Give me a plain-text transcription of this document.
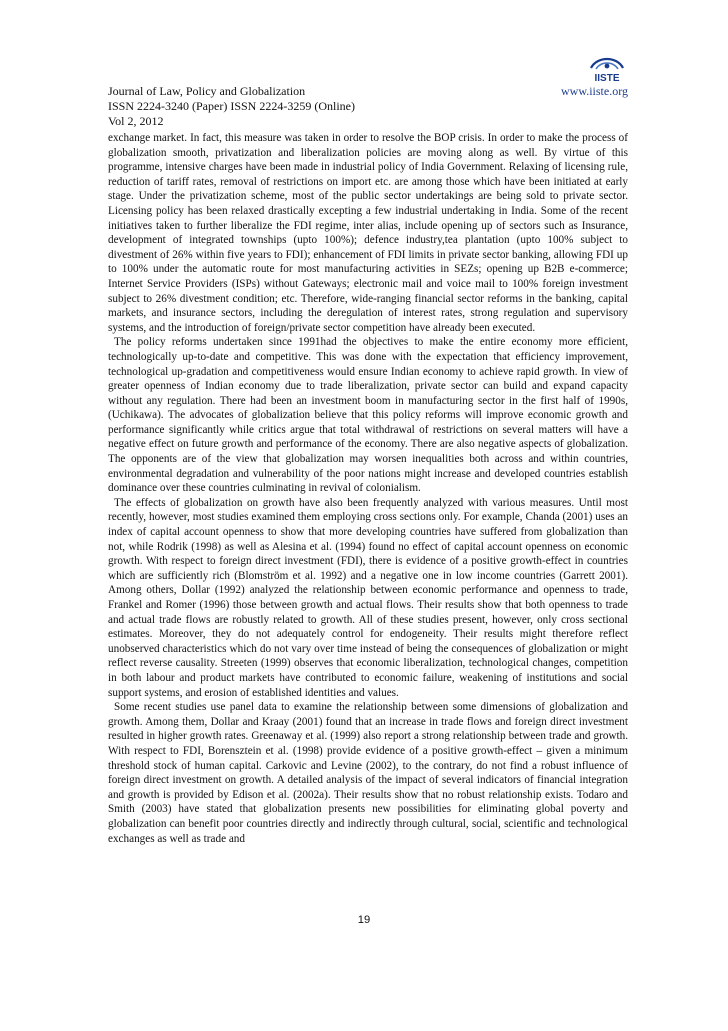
IISTE
Journal of Law, Policy and Globalization	www.iiste.org
ISSN 2224-3240 (Paper) ISSN 2224-3259 (Online)
Vol 2, 2012

exchange market. In fact, this measure was taken in order to resolve the BOP crisis. In order to make the process of globalization smooth, privatization and liberalization policies are moving along as well. By virtue of this programme, intensive charges have been made in industrial policy of India Government. Relaxing of licensing rule, reduction of tariff rates, removal of restrictions on import etc. are among those which have been initiated at early stage. Under the privatization scheme, most of the public sector undertakings are being sold to private sector. Licensing policy has been relaxed drastically excepting a few industrial undertaking in India. Some of the recent initiatives taken to further liberalize the FDI regime, inter alias, include opening up of sectors such as Insurance, development of integrated townships (upto 100%); defence industry,tea plantation (upto 100% subject to divestment of 26% within five years to FDI); enhancement of FDI limits in private sector banking, allowing FDI up to 100% under the automatic route for most manufacturing activities in SEZs; opening up B2B e-commerce; Internet Service Providers (ISPs) without Gateways; electronic mail and voice mail to 100% foreign investment subject to 26% divestment condition; etc. Therefore, wide-ranging financial sector reforms in the banking, capital markets, and insurance sectors, including the deregulation of interest rates, strong regulation and supervisory systems, and the introduction of foreign/private sector competition have already been executed.

The policy reforms undertaken since 1991had the objectives to make the entire economy more efficient, technologically up-to-date and competitive. This was done with the expectation that efficiency improvement, technological up-gradation and competitiveness would ensure Indian economy to achieve rapid growth. In view of greater openness of Indian economy due to trade liberalization, private sector can build and expand capacity without any regulation. There had been an investment boom in manufacturing sector in the first half of 1990s, (Uchikawa). The advocates of globalization believe that this policy reforms will improve economic growth and performance significantly while critics argue that total withdrawal of restrictions on several matters will have a negative effect on future growth and performance of the economy. There are also negative aspects of globalization. The opponents are of the view that globalization may worsen inequalities both across and within countries, environmental degradation and vulnerability of the poor nations might increase and developed countries establish dominance over these countries culminating in revival of colonialism.

The effects of globalization on growth have also been frequently analyzed with various measures. Until most recently, however, most studies examined them employing cross sections only. For example, Chanda (2001) uses an index of capital account openness to show that more developing countries have suffered from globalization than not, while Rodrik (1998) as well as Alesina et al. (1994) found no effect of capital account openness on economic growth. With respect to foreign direct investment (FDI), there is evidence of a positive growth-effect in countries which are sufficiently rich (Blomström et al. 1992) and a negative one in low income countries (Garrett 2001). Among others, Dollar (1992) analyzed the relationship between economic performance and openness to trade, Frankel and Romer (1996) those between growth and actual flows. Their results show that both openness to trade and actual trade flows are robustly related to growth. All of these studies present, however, only cross sectional estimates. Moreover, they do not adequately control for endogeneity. Their results might therefore reflect unobserved characteristics which do not vary over time instead of being the consequences of globalization or might reflect reverse causality. Streeten (1999) observes that economic liberalization, technological changes, competition in both labour and product markets have contributed to economic failure, weakening of institutions and social support systems, and erosion of established identities and values.

Some recent studies use panel data to examine the relationship between some dimensions of globalization and growth. Among them, Dollar and Kraay (2001) found that an increase in trade flows and foreign direct investment resulted in higher growth rates. Greenaway et al. (1999) also report a strong relationship between trade and growth. With respect to FDI, Borensztein et al. (1998) provide evidence of a positive growth-effect – given a minimum threshold stock of human capital. Carkovic and Levine (2002), to the contrary, do not find a robust influence of foreign direct investment on growth. A detailed analysis of the impact of several indicators of financial integration and growth is provided by Edison et al. (2002a). Their results show that no robust relationship exists. Todaro and Smith (2003) have stated that globalization presents new possibilities for eliminating global poverty and globalization can benefit poor countries directly and indirectly through cultural, social, scientific and technological exchanges as well as trade and

19
